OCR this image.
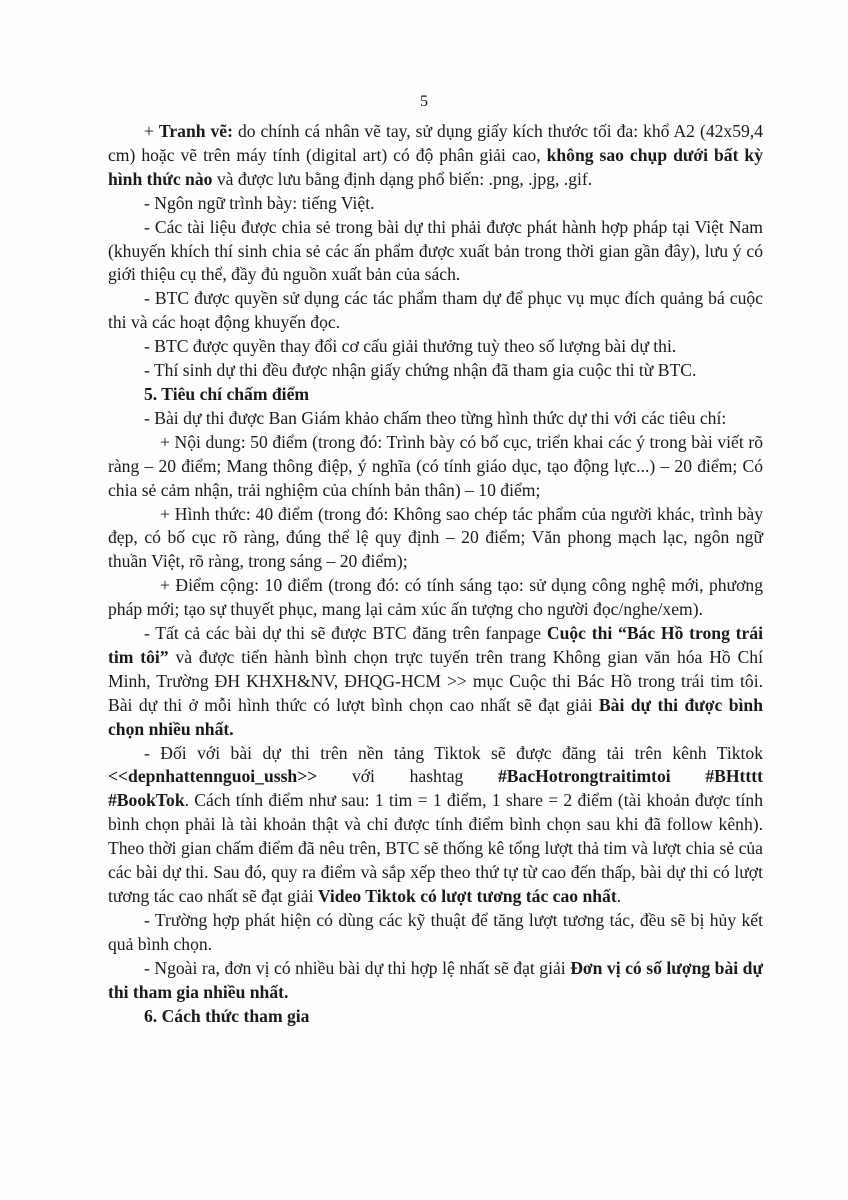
5

+ Tranh vẽ: do chính cá nhân vẽ tay, sử dụng giấy kích thước tối đa: khổ A2 (42x59,4 cm) hoặc vẽ trên máy tính (digital art) có độ phân giải cao, không sao chụp dưới bất kỳ hình thức nào và được lưu bằng định dạng phổ biến: .png, .jpg, .gif.

- Ngôn ngữ trình bày: tiếng Việt.

- Các tài liệu được chia sẻ trong bài dự thi phải được phát hành hợp pháp tại Việt Nam (khuyến khích thí sinh chia sẻ các ấn phẩm được xuất bản trong thời gian gần đây), lưu ý có giới thiệu cụ thể, đầy đủ nguồn xuất bản của sách.

- BTC được quyền sử dụng các tác phẩm tham dự để phục vụ mục đích quảng bá cuộc thi và các hoạt động khuyến đọc.

- BTC được quyền thay đổi cơ cấu giải thưởng tuỳ theo số lượng bài dự thi.

- Thí sinh dự thi đều được nhận giấy chứng nhận đã tham gia cuộc thi từ BTC.

5. Tiêu chí chấm điểm

- Bài dự thi được Ban Giám khảo chấm theo từng hình thức dự thi với các tiêu chí:

+ Nội dung: 50 điểm (trong đó: Trình bày có bố cục, triển khai các ý trong bài viết rõ ràng – 20 điểm; Mang thông điệp, ý nghĩa (có tính giáo dục, tạo động lực...) – 20 điểm; Có chia sẻ cảm nhận, trải nghiệm của chính bản thân) – 10 điểm;

+ Hình thức: 40 điểm (trong đó: Không sao chép tác phẩm của người khác, trình bày đẹp, có bố cục rõ ràng, đúng thể lệ quy định – 20 điểm; Văn phong mạch lạc, ngôn ngữ thuần Việt, rõ ràng, trong sáng – 20 điểm);

+ Điểm cộng: 10 điểm (trong đó: có tính sáng tạo: sử dụng công nghệ mới, phương pháp mới; tạo sự thuyết phục, mang lại cảm xúc ấn tượng cho người đọc/nghe/xem).

- Tất cả các bài dự thi sẽ được BTC đăng trên fanpage Cuộc thi “Bác Hồ trong trái tim tôi” và được tiến hành bình chọn trực tuyến trên trang Không gian văn hóa Hồ Chí Minh, Trường ĐH KHXH&NV, ĐHQG-HCM >> mục Cuộc thi Bác Hồ trong trái tim tôi. Bài dự thi ở mỗi hình thức có lượt bình chọn cao nhất sẽ đạt giải Bài dự thi được bình chọn nhiều nhất.

- Đối với bài dự thi trên nền tảng Tiktok sẽ được đăng tải trên kênh Tiktok

<<depnhattennguoi_ussh>> với hashtag #BacHotrongtraitimtoi #BHtttt

#BookTok. Cách tính điểm như sau: 1 tim = 1 điểm, 1 share = 2 điểm (tài khoản được tính bình chọn phải là tài khoản thật và chỉ được tính điểm bình chọn sau khi đã follow kênh). Theo thời gian chấm điểm đã nêu trên, BTC sẽ thống kê tổng lượt thả tim và lượt chia sẻ của các bài dự thi. Sau đó, quy ra điểm và sắp xếp theo thứ tự từ cao đến thấp, bài dự thi có lượt tương tác cao nhất sẽ đạt giải Video Tiktok có lượt tương tác cao nhất.

- Trường hợp phát hiện có dùng các kỹ thuật để tăng lượt tương tác, đều sẽ bị hủy kết quả bình chọn.

- Ngoài ra, đơn vị có nhiều bài dự thi hợp lệ nhất sẽ đạt giải Đơn vị có số lượng bài dự thi tham gia nhiều nhất.

6. Cách thức tham gia
